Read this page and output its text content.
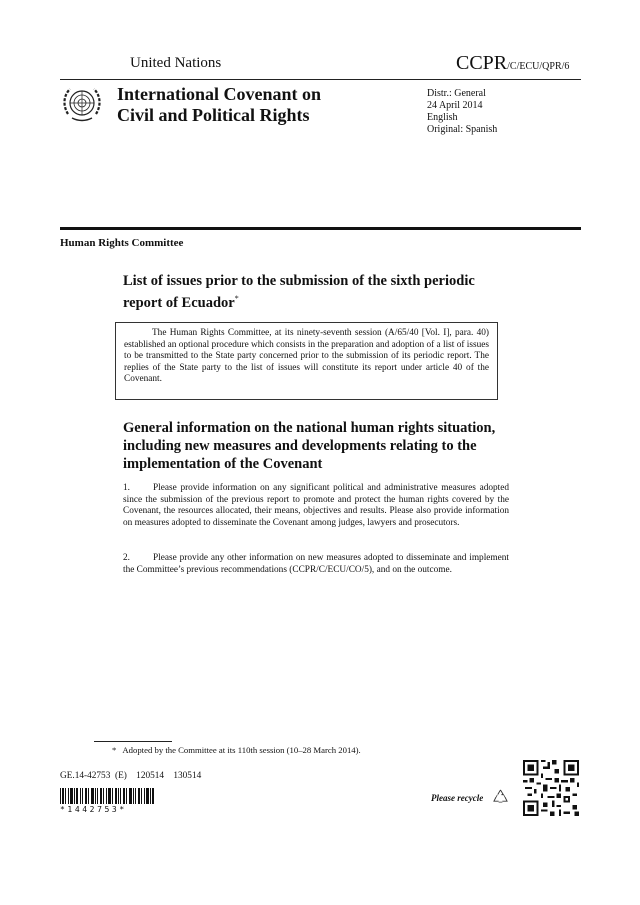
United Nations	CCPR/C/ECU/QPR/6
International Covenant on
Civil and Political Rights
Distr.: General
24 April 2014
English
Original: Spanish
Human Rights Committee
List of issues prior to the submission of the sixth periodic
report of Ecuador*

The Human Rights Committee, at its ninety-seventh session (A/65/40 [Vol. I], para. 40) established an optional procedure which consists in the preparation and adoption of a list of issues to be transmitted to the State party concerned prior to the submission of its periodic report. The replies of the State party to the list of issues will constitute its report under article 40 of the Covenant.

General information on the national human rights situation, including new measures and developments relating to the implementation of the Covenant
1. Please provide information on any significant political and administrative measures adopted since the submission of the previous report to promote and protect the human rights covered by the Covenant, the resources allocated, their means, objectives and results. Please also provide information on measures adopted to disseminate the Covenant among judges, lawyers and prosecutors.
2. Please provide any other information on new measures adopted to disseminate and implement the Committee’s previous recommendations (CCPR/C/ECU/CO/5), and on the outcome.
*   Adopted by the Committee at its 110th session (10–28 March 2014).
GE.14-42753  (E)    120514    130514
*1442753*
Please recycle
